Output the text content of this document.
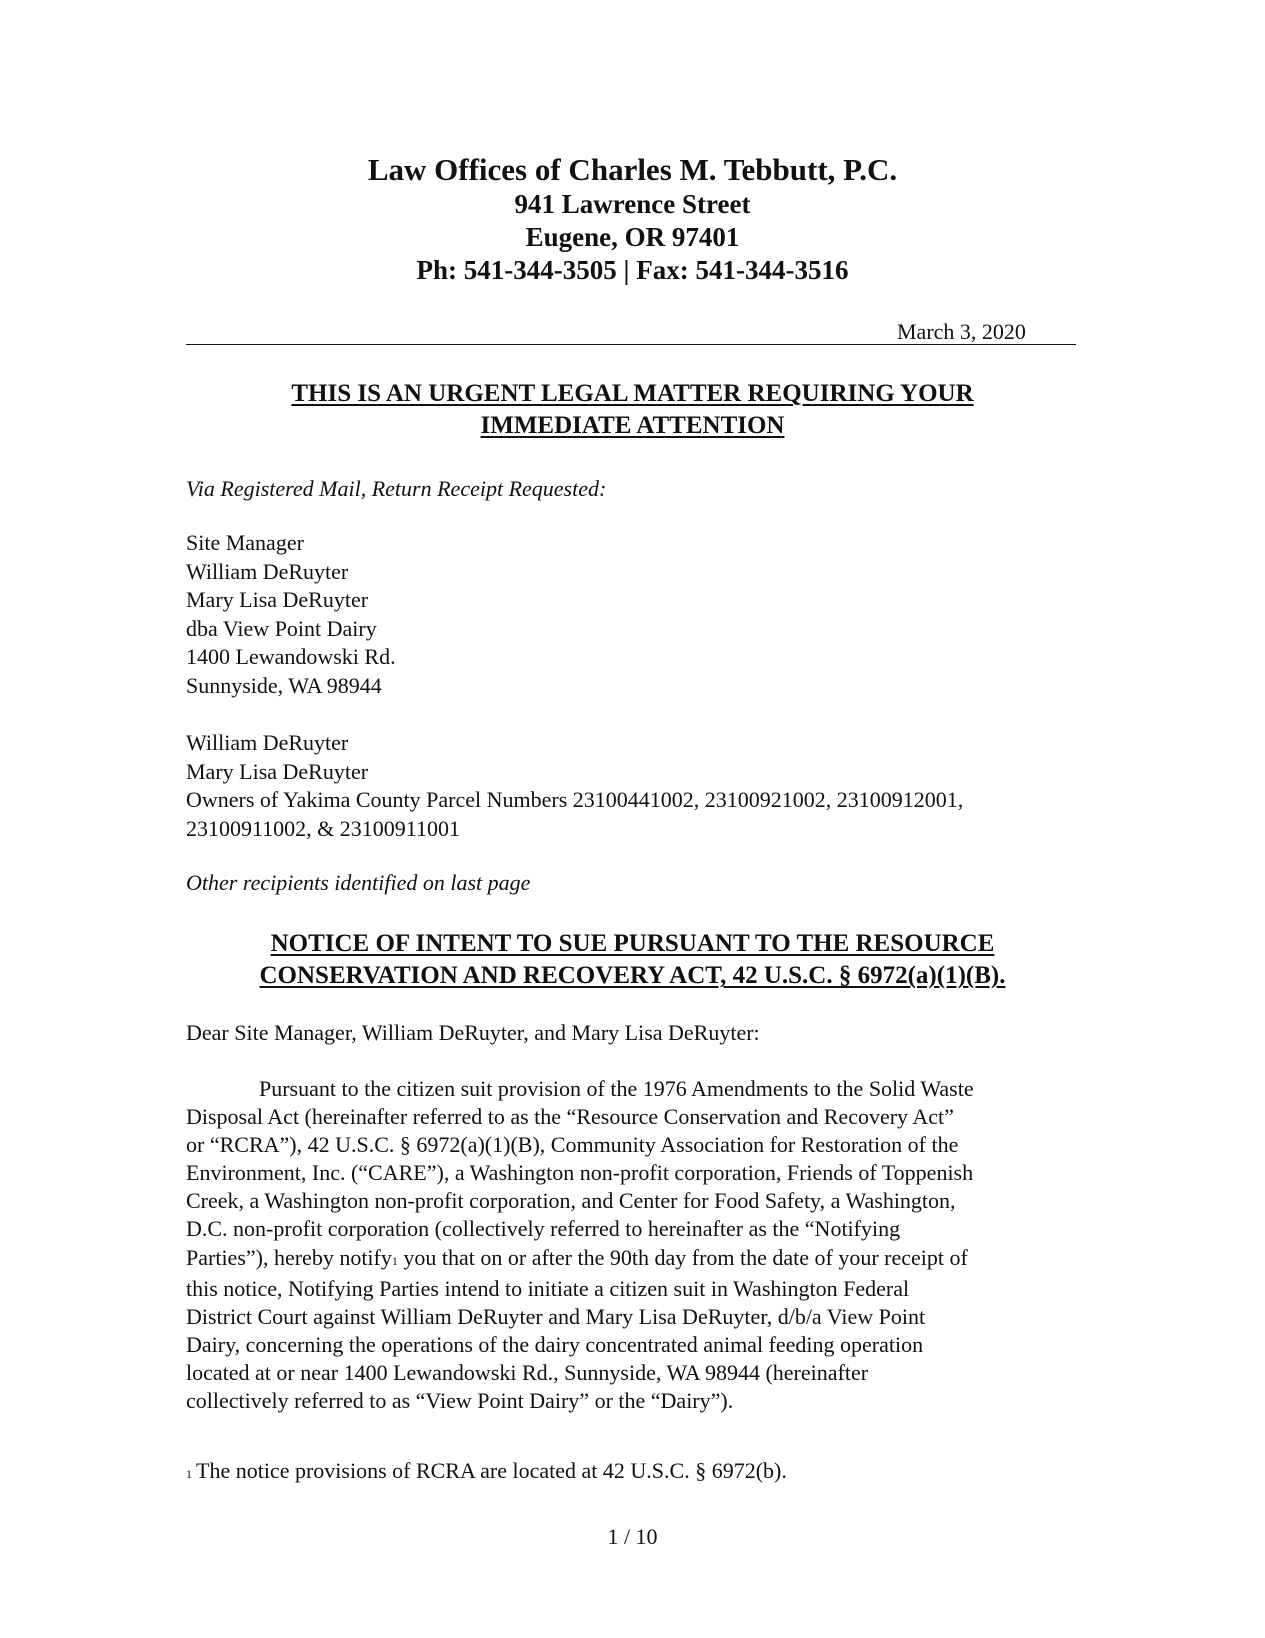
Law Offices of Charles M. Tebbutt, P.C.
941 Lawrence Street
Eugene, OR 97401
Ph: 541-344-3505 | Fax: 541-344-3516
March 3, 2020
THIS IS AN URGENT LEGAL MATTER REQUIRING YOUR
IMMEDIATE ATTENTION
Via Registered Mail, Return Receipt Requested:
Site Manager
William DeRuyter
Mary Lisa DeRuyter
dba View Point Dairy
1400 Lewandowski Rd.
Sunnyside, WA 98944
William DeRuyter
Mary Lisa DeRuyter
Owners of Yakima County Parcel Numbers 23100441002, 23100921002, 23100912001,
23100911002, & 23100911001
Other recipients identified on last page
NOTICE OF INTENT TO SUE PURSUANT TO THE RESOURCE
CONSERVATION AND RECOVERY ACT, 42 U.S.C. § 6972(a)(1)(B).
Dear Site Manager, William DeRuyter, and Mary Lisa DeRuyter:
Pursuant to the citizen suit provision of the 1976 Amendments to the Solid Waste
Disposal Act (hereinafter referred to as the “Resource Conservation and Recovery Act”
or “RCRA”), 42 U.S.C. § 6972(a)(1)(B), Community Association for Restoration of the
Environment, Inc. (“CARE”), a Washington non-profit corporation, Friends of Toppenish
Creek, a Washington non-profit corporation, and Center for Food Safety, a Washington,
D.C. non-profit corporation (collectively referred to hereinafter as the “Notifying
Parties”), hereby notify1 you that on or after the 90th day from the date of your receipt of
this notice, Notifying Parties intend to initiate a citizen suit in Washington Federal
District Court against William DeRuyter and Mary Lisa DeRuyter, d/b/a View Point
Dairy, concerning the operations of the dairy concentrated animal feeding operation
located at or near 1400 Lewandowski Rd., Sunnyside, WA 98944 (hereinafter
collectively referred to as “View Point Dairy” or the “Dairy”).
1 The notice provisions of RCRA are located at 42 U.S.C. § 6972(b).
1 / 10
